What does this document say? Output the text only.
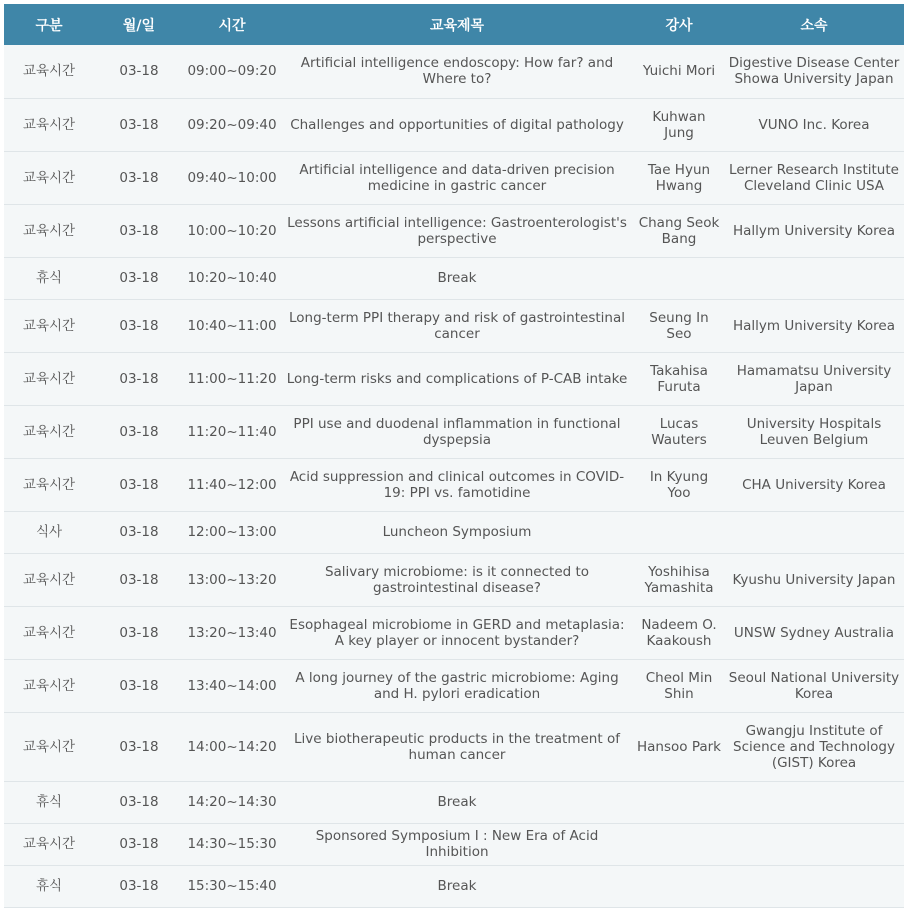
구분	월/일	시간	교육제목	강사	소속
교육시간	03-18	09:00~09:20	Artificial intelligence endoscopy: How far? and Where to?	Yuichi Mori	Digestive Disease Center Showa University Japan
교육시간	03-18	09:20~09:40	Challenges and opportunities of digital pathology	Kuhwan Jung	VUNO Inc. Korea
교육시간	03-18	09:40~10:00	Artificial intelligence and data-driven precision medicine in gastric cancer	Tae Hyun Hwang	Lerner Research Institute Cleveland Clinic USA
교육시간	03-18	10:00~10:20	Lessons artificial intelligence: Gastroenterologist's perspective	Chang Seok Bang	Hallym University Korea
휴식	03-18	10:20~10:40	Break		
교육시간	03-18	10:40~11:00	Long-term PPI therapy and risk of gastrointestinal cancer	Seung In Seo	Hallym University Korea
교육시간	03-18	11:00~11:20	Long-term risks and complications of P-CAB intake	Takahisa Furuta	Hamamatsu University Japan
교육시간	03-18	11:20~11:40	PPI use and duodenal inflammation in functional dyspepsia	Lucas Wauters	University Hospitals Leuven Belgium
교육시간	03-18	11:40~12:00	Acid suppression and clinical outcomes in COVID-19: PPI vs. famotidine	In Kyung Yoo	CHA University Korea
식사	03-18	12:00~13:00	Luncheon Symposium		
교육시간	03-18	13:00~13:20	Salivary microbiome: is it connected to gastrointestinal disease?	Yoshihisa Yamashita	Kyushu University Japan
교육시간	03-18	13:20~13:40	Esophageal microbiome in GERD and metaplasia: A key player or innocent bystander?	Nadeem O. Kaakoush	UNSW Sydney Australia
교육시간	03-18	13:40~14:00	A long journey of the gastric microbiome: Aging and H. pylori eradication	Cheol Min Shin	Seoul National University Korea
교육시간	03-18	14:00~14:20	Live biotherapeutic products in the treatment of human cancer	Hansoo Park	Gwangju Institute of Science and Technology (GIST) Korea
휴식	03-18	14:20~14:30	Break		
교육시간	03-18	14:30~15:30	Sponsored Symposium I : New Era of Acid Inhibition		
휴식	03-18	15:30~15:40	Break		
